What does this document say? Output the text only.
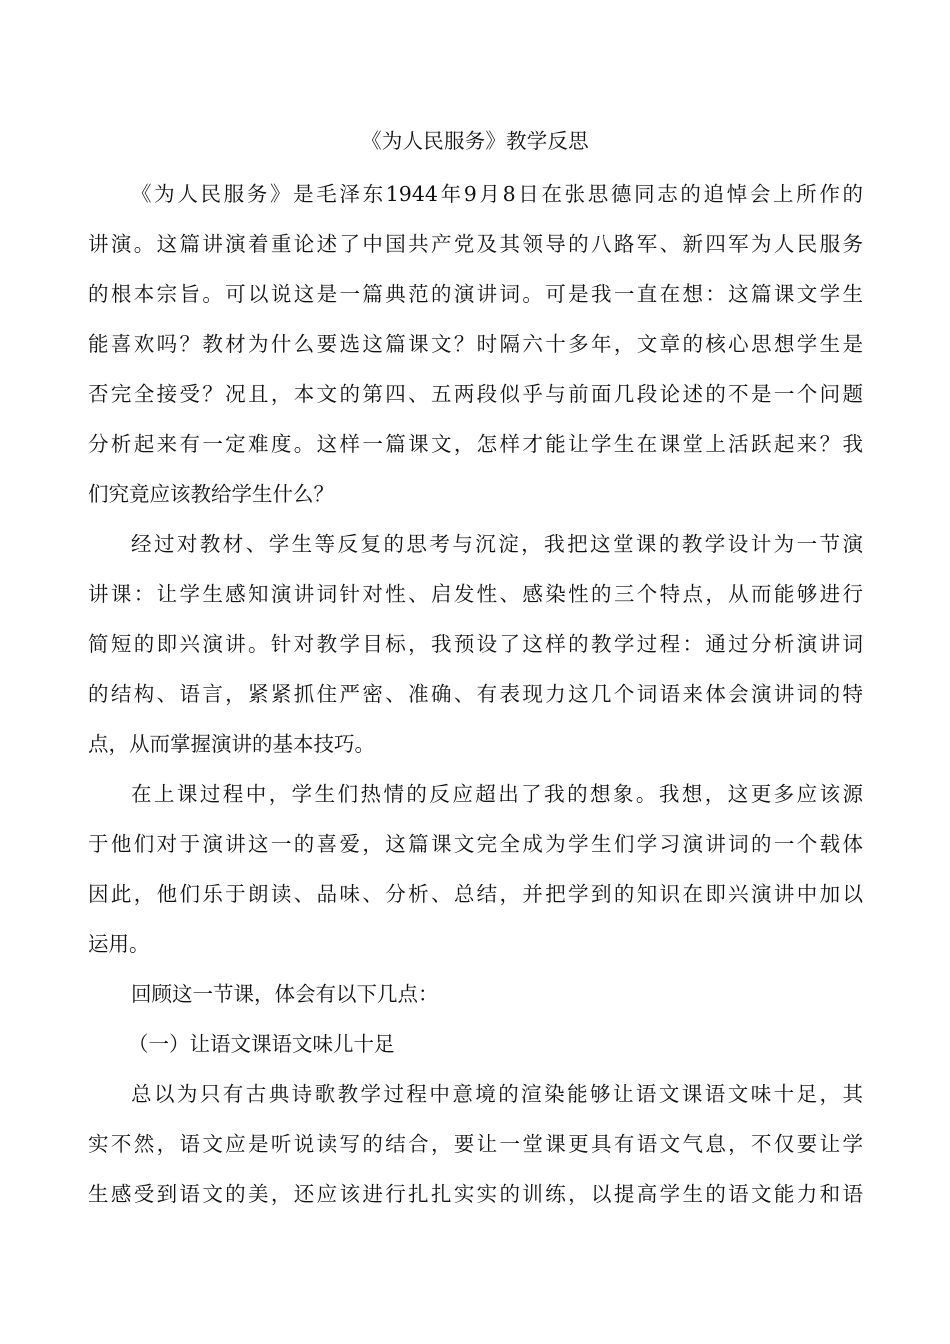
《为人民服务》教学反思

《为人民服务》是毛泽东1944年9月8日在张思德同志的追悼会上所作的

讲演。这篇讲演着重论述了中国共产党及其领导的八路军、新四军为人民服务

的根本宗旨。可以说这是一篇典范的演讲词。可是我一直在想：这篇课文学生

能喜欢吗？教材为什么要选这篇课文？时隔六十多年，文章的核心思想学生是

否完全接受？况且，本文的第四、五两段似乎与前面几段论述的不是一个问题

分析起来有一定难度。这样一篇课文，怎样才能让学生在课堂上活跃起来？我

们究竟应该教给学生什么？

经过对教材、学生等反复的思考与沉淀，我把这堂课的教学设计为一节演

讲课：让学生感知演讲词针对性、启发性、感染性的三个特点，从而能够进行

简短的即兴演讲。针对教学目标，我预设了这样的教学过程：通过分析演讲词

的结构、语言，紧紧抓住严密、准确、有表现力这几个词语来体会演讲词的特

点，从而掌握演讲的基本技巧。

在上课过程中，学生们热情的反应超出了我的想象。我想，这更多应该源

于他们对于演讲这一的喜爱，这篇课文完全成为学生们学习演讲词的一个载体

因此，他们乐于朗读、品味、分析、总结，并把学到的知识在即兴演讲中加以

运用。

回顾这一节课，体会有以下几点：

（一）让语文课语文味儿十足

总以为只有古典诗歌教学过程中意境的渲染能够让语文课语文味十足，其

实不然，语文应是听说读写的结合，要让一堂课更具有语文气息，不仅要让学

生感受到语文的美，还应该进行扎扎实实的训练，以提高学生的语文能力和语
